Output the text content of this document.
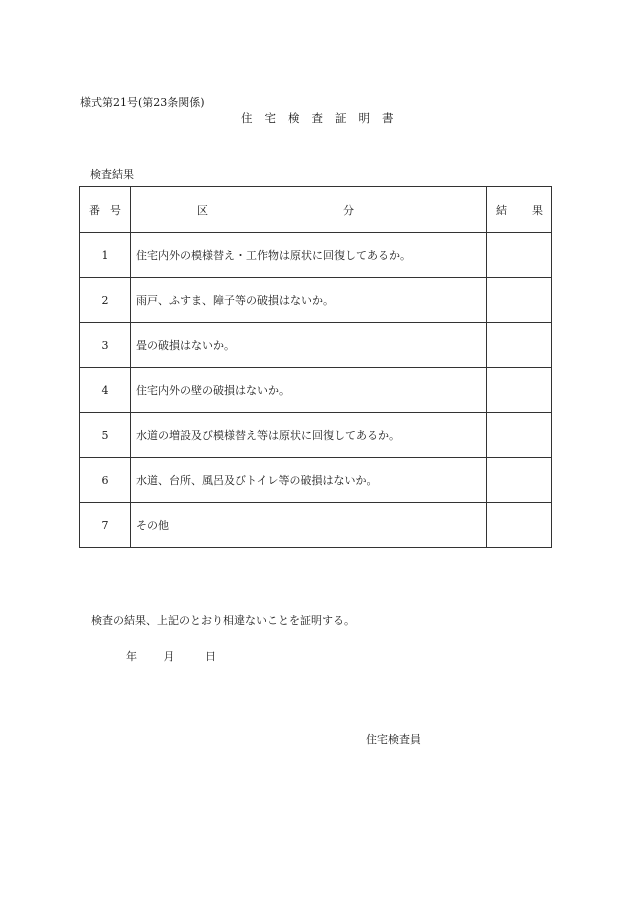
様式第21号(第23条関係)
住宅検査証明書
検査結果
番 号	区 分	結 果

1	住宅内外の模様替え・工作物は原状に回復してあるか。	
2	雨戸、ふすま、障子等の破損はないか。	
3	畳の破損はないか。	
4	住宅内外の壁の破損はないか。	
5	水道の増設及び模様替え等は原状に回復してあるか。	
6	水道、台所、風呂及びトイレ等の破損はないか。	
7	その他	
検査の結果、上記のとおり相違ないことを証明する。
年 月	日
住宅検査員
